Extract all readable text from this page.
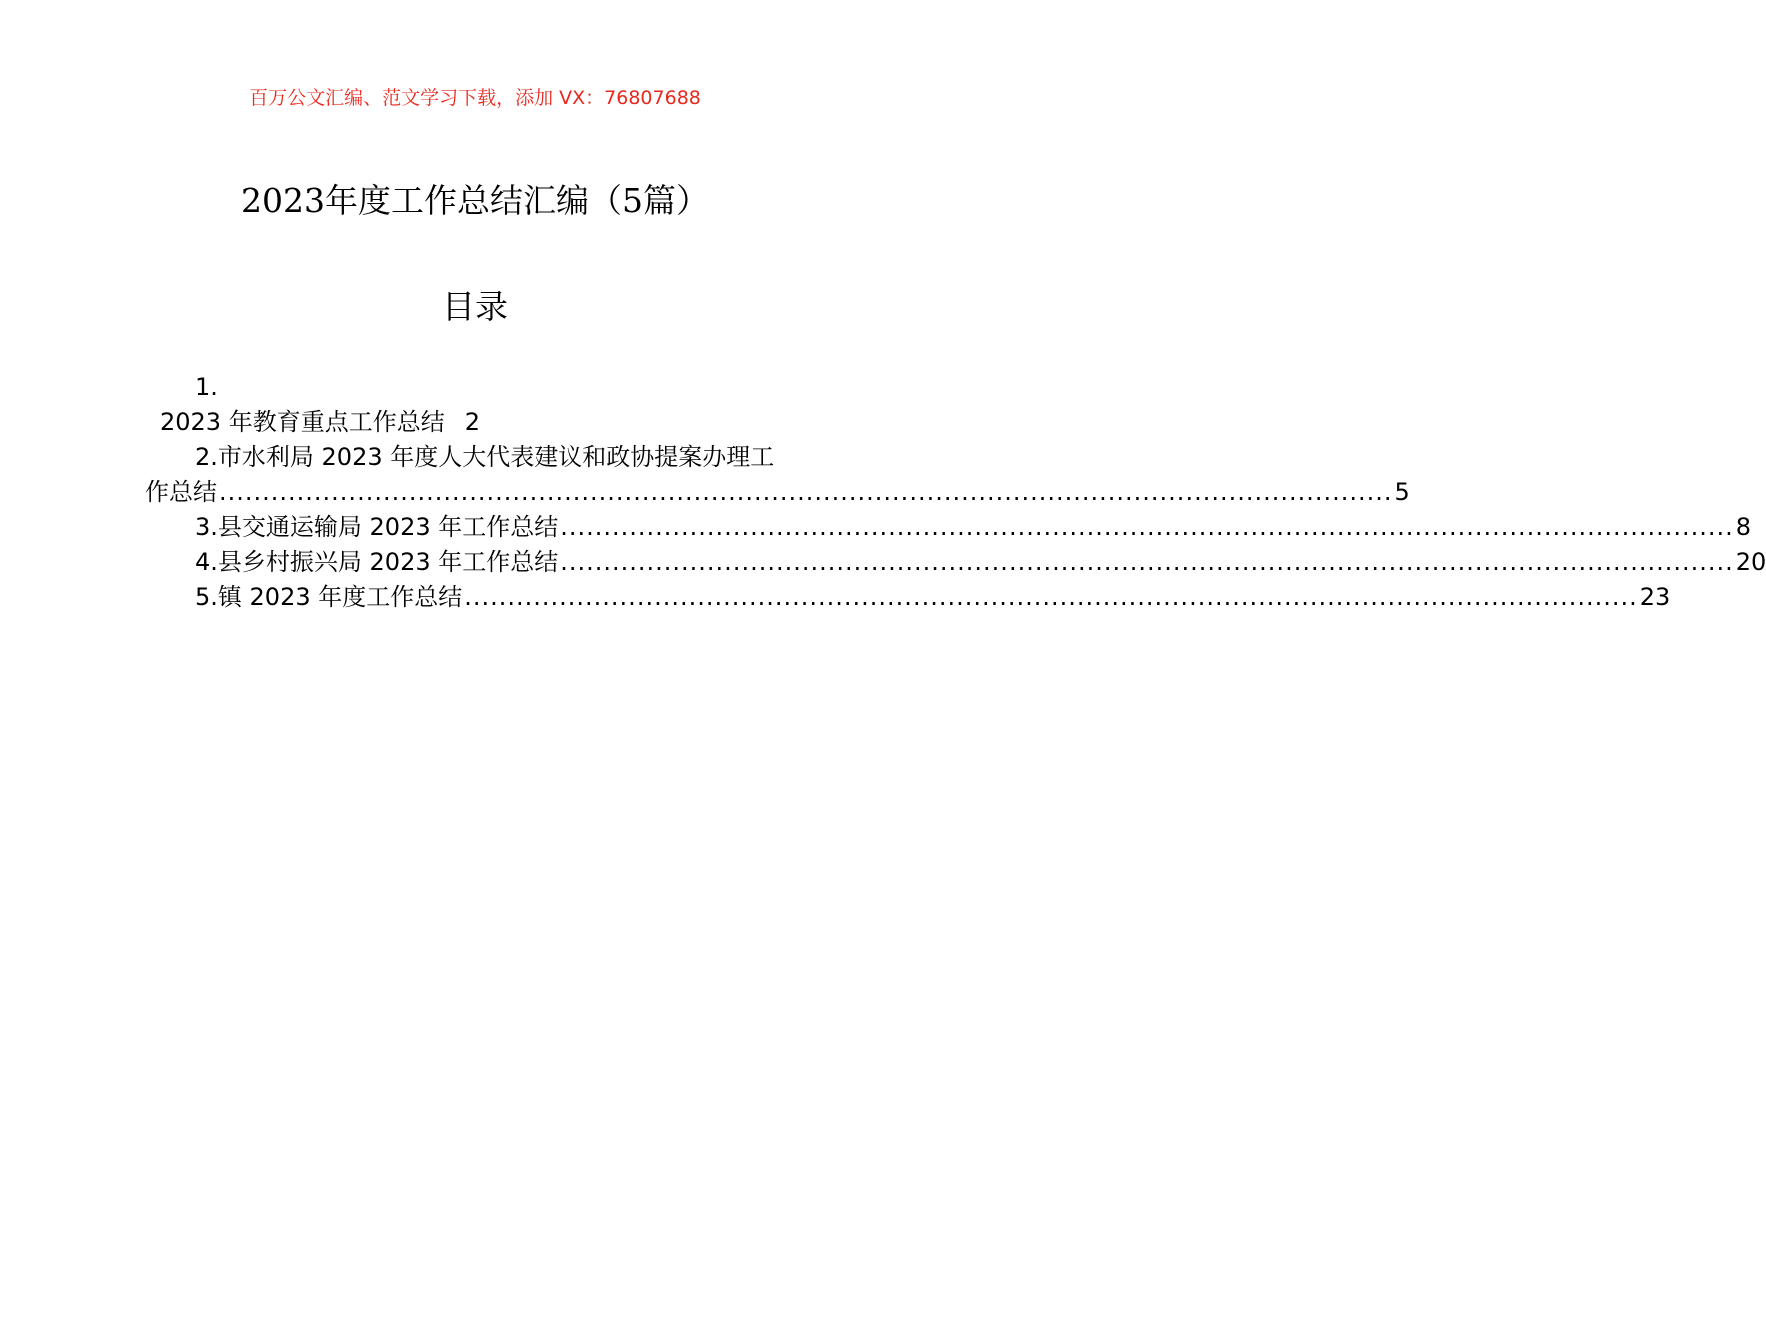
百万公文汇编、范文学习下载，添加 VX：76807688
2023年度工作总结汇编（5篇）
目录
1.
2023 年教育重点工作总结 2
2.市水利局 2023 年度人大代表建议和政协提案办理工
作总结 ........................................................................................................................................ 5
3.县交通运输局 2023 年工作总结 ........................................................................................................................................ 8
4.县乡村振兴局 2023 年工作总结 ........................................................................................................................................ 20
5.镇 2023 年度工作总结 ........................................................................................................................................ 23
